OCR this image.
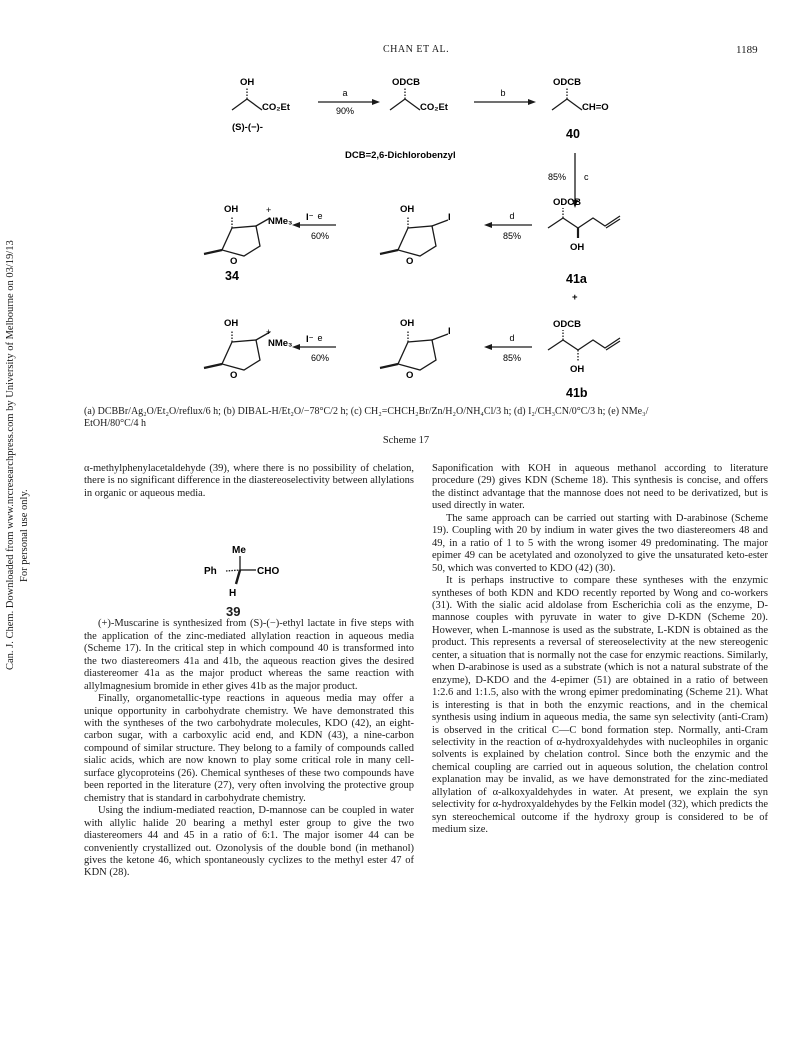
CHAN ET AL.	1189
Can. J. Chem. Downloaded from www.nrcresearchpress.com by University of Melbourne on 03/19/13 For personal use only.
OH
CO₂Et
(S)-(−)-
a
90%
ODCB
CO₂Et
b
ODCB
CH=O
40
DCB=2,6-Dichlorobenzyl
85% c
OH
NMe₃
+
I⁻
O
e
60%
OH
O
I	d
85%
ODCB
OH
34	41a
+
OH
NMe₃
+
I⁻
O
e
60%
OH
O
I
d
85%
ODCB
OH
41b
(a) DCBBr/Ag₂O/Et₂O/reflux/6 h; (b) DIBAL-H/Et₂O/−78°C/2 h; (c) CH₂=CHCH₂Br/Zn/H₂O/NH₄Cl/3 h; (d) I₂/CH₃CN/0°C/3 h; (e) NMe₃/
EtOH/80°C/4 h
Scheme 17

α-methylphenylacetaldehyde (39), where there is no possibility of chelation, there is no significant difference in the diastereoselectivity between allylations in organic or aqueous media.

(+)-Muscarine is synthesized from (S)-(−)-ethyl lactate in five steps with the application of the zinc-mediated allylation reaction in aqueous media (Scheme 17). In the critical step in which compound 40 is transformed into the two diastereomers 41a and 41b, the aqueous reaction gives the desired diastereomer 41a as the major product whereas the same reaction with allylmagnesium bromide in ether gives 41b as the major product.

Finally, organometallic-type reactions in aqueous media may offer a unique opportunity in carbohydrate chemistry. We have demonstrated this with the syntheses of the two carbohydrate molecules, KDO (42), an eight-carbon sugar, with a carboxylic acid end, and KDN (43), a nine-carbon compound of similar structure. They belong to a family of compounds called sialic acids, which are now known to play some critical role in many cell-surface glycoproteins (26). Chemical syntheses of these two compounds have been reported in the literature (27), very often involving the protective group chemistry that is standard in carbohydrate chemistry.

Using the indium-mediated reaction, D-mannose can be coupled in water with allylic halide 20 bearing a methyl ester group to give the two diastereomers 44 and 45 in a ratio of 6:1. The major isomer 44 can be conveniently crystallized out. Ozonolysis of the double bond (in methanol) gives the ketone 46, which spontaneously cyclizes to the methyl ester 47 of KDN (28).

Me
Ph	CHO
H
39

Saponification with KOH in aqueous methanol according to literature procedure (29) gives KDN (Scheme 18). This synthesis is concise, and offers the distinct advantage that the mannose does not need to be derivatized, but is used directly in water.

The same approach can be carried out starting with D-arabinose (Scheme 19). Coupling with 20 by indium in water gives the two diastereomers 48 and 49, in a ratio of 1 to 5 with the wrong isomer 49 predominating. The major epimer 49 can be acetylated and ozonolyzed to give the unsaturated keto-ester 50, which was converted to KDO (42) (30).

It is perhaps instructive to compare these syntheses with the enzymic syntheses of both KDN and KDO recently reported by Wong and co-workers (31). With the sialic acid aldolase from Escherichia coli as the enzyme, D-mannose couples with pyruvate in water to give D-KDN (Scheme 20). However, when L-mannose is used as the substrate, L-KDN is obtained as the product. This represents a reversal of stereoselectivity at the new stereogenic center, a situation that is normally not the case for enzymic reactions. Similarly, when D-arabinose is used as a substrate (which is not a natural substrate of the enzyme), D-KDO and the 4-epimer (51) are obtained in a ratio of between 1:2.6 and 1:1.5, also with the wrong epimer predominating (Scheme 21). What is interesting is that in both the enzymic reactions, and in the chemical synthesis using indium in aqueous media, the same syn selectivity (anti-Cram) is observed in the critical C—C bond formation step. Normally, anti-Cram selectivity in the reaction of α-hydroxyaldehydes with nucleophiles in organic solvents is explained by chelation control. Since both the enzymic and the chemical coupling are carried out in aqueous solution, the chelation control explanation may be invalid, as we have demonstrated for the zinc-mediated allylation of α-alkoxyaldehydes in water. At present, we explain the syn selectivity for α-hydroxyaldehydes by the Felkin model (32), which predicts the syn stereochemical outcome if the hydroxy group is considered to be of medium size.
